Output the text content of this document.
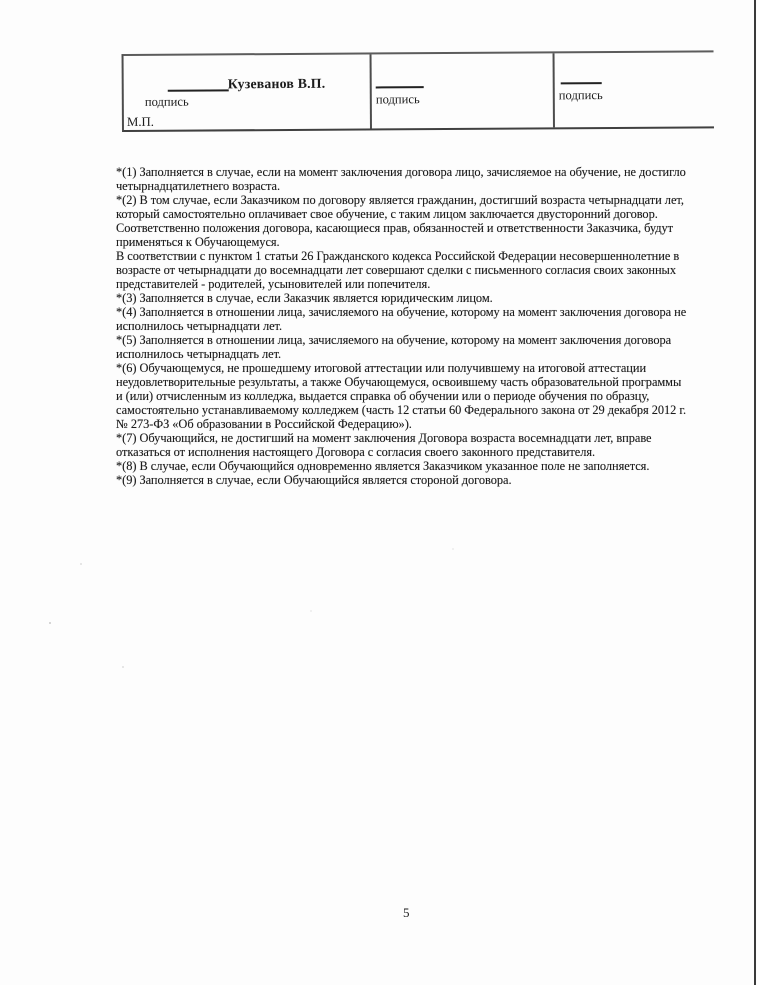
Кузеванов В.П.
подпись
М.П.
подпись	подпись
*(1) Заполняется в случае, если на момент заключения договора лицо, зачисляемое на обучение, не достигло
четырнадцатилетнего возраста.
*(2) В том случае, если Заказчиком по договору является гражданин, достигший возраста четырнадцати лет,
который самостоятельно оплачивает свое обучение, с таким лицом заключается двусторонний договор.
Соответственно положения договора, касающиеся прав, обязанностей и ответственности Заказчика, будут
применяться к Обучающемуся.
В соответствии с пунктом 1 статьи 26 Гражданского кодекса Российской Федерации несовершеннолетние в
возрасте от четырнадцати до восемнадцати лет совершают сделки с письменного согласия своих законных
представителей - родителей, усыновителей или попечителя.
*(3) Заполняется в случае, если Заказчик является юридическим лицом.
*(4) Заполняется в отношении лица, зачисляемого на обучение, которому на момент заключения договора не
исполнилось четырнадцати лет.
*(5) Заполняется в отношении лица, зачисляемого на обучение, которому на момент заключения договора
исполнилось четырнадцать лет.
*(6) Обучающемуся, не прошедшему итоговой аттестации или получившему на итоговой аттестации
неудовлетворительные результаты, а также Обучающемуся, освоившему часть образовательной программы
и (или) отчисленным из колледжа, выдается справка об обучении или о периоде обучения по образцу,
самостоятельно устанавливаемому колледжем (часть 12 статьи 60 Федерального закона от 29 декабря 2012 г.
№ 273-ФЗ «Об образовании в Российской Федерацию»).
*(7) Обучающийся, не достигший на момент заключения Договора возраста восемнадцати лет, вправе
отказаться от исполнения настоящего Договора с согласия своего законного представителя.
*(8) В случае, если Обучающийся одновременно является Заказчиком указанное поле не заполняется.
*(9) Заполняется в случае, если Обучающийся является стороной договора.
5
